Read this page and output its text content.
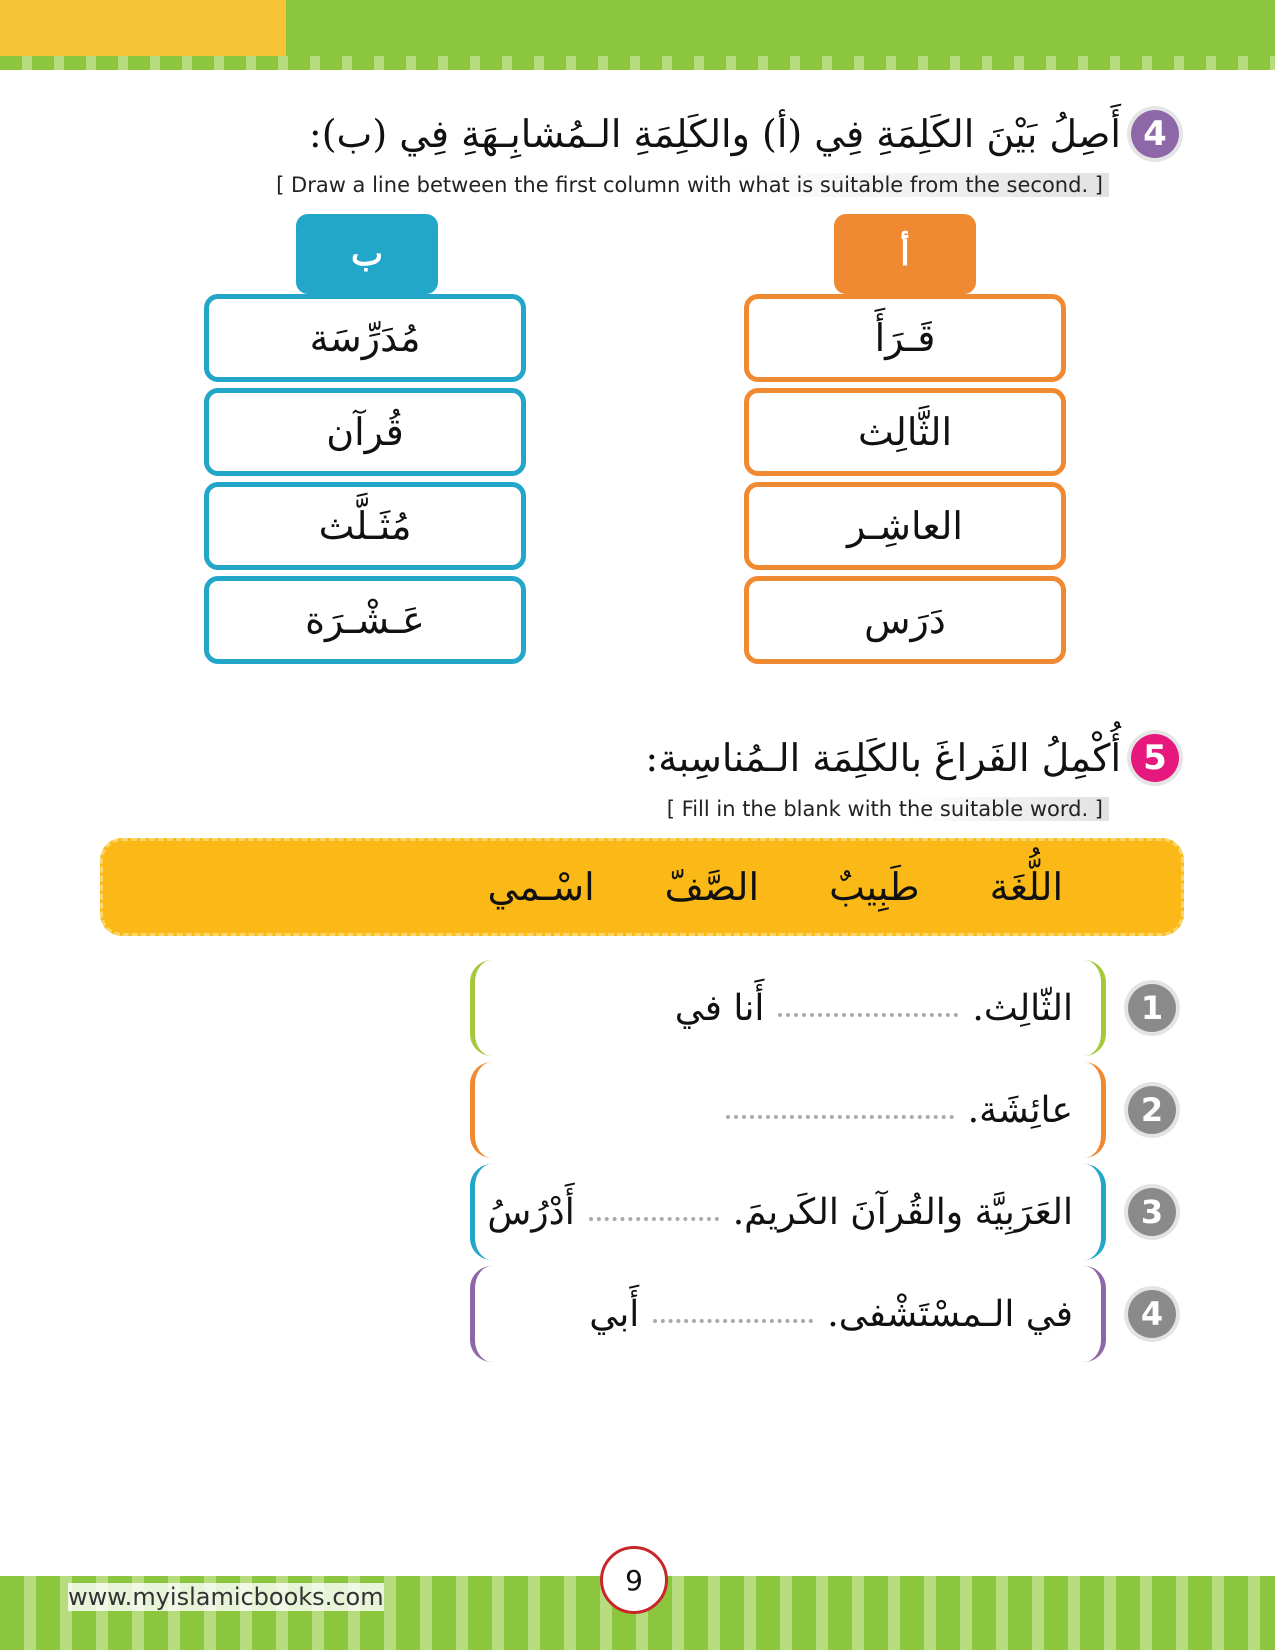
4
أَصِلُ بَيْنَ الكَلِمَةِ فِي (أ) والكَلِمَةِ الـمُشابِـهَةِ فِي (ب):
[ Draw a line between the first column with what is suitable from the second. ]
أ
ب
قَـرَأَ
الثَّالِث
العاشِـر
دَرَس
مُدَرِّسَة
قُرآن
مُثَـلَّث
عَـشْـرَة
5
أُكْمِلُ الفَراغَ بالكَلِمَة الـمُناسِبة:
[ Fill in the blank with the suitable word. ]
اللُّغَة
طَبِيبٌ
الصَّفّ
اسْـمي
أَنا في	الثّالِث.	1
عائِشَة.	2
أَدْرُسُ	العَرَبِيَّة والقُرآنَ الكَريمَ.	3
أَبي	في الـمسْتَشْفى.	4
www.myislamicbooks.com
9
